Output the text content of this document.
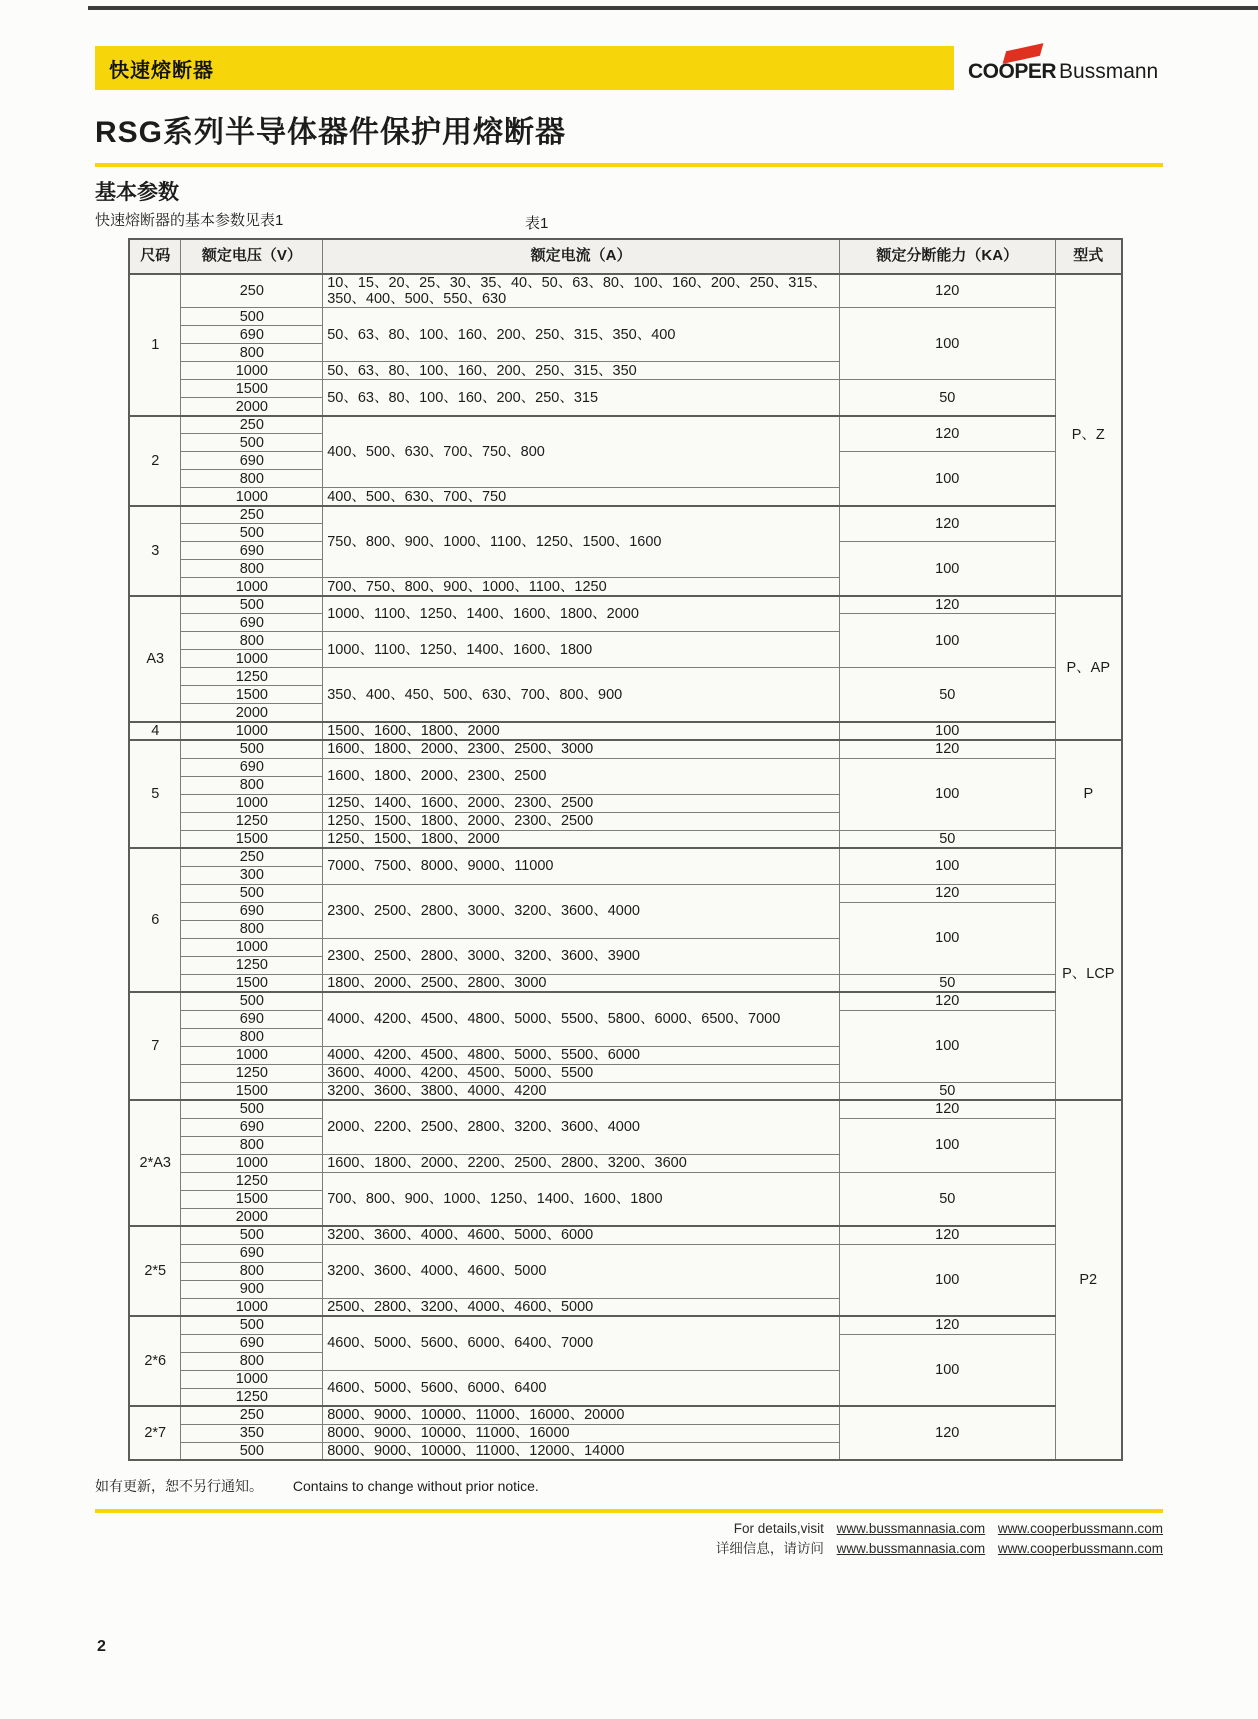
快速熔断器	COOPER Bussmann
RSG系列半导体器件保护用熔断器
基本参数
快速熔断器的基本参数见表1	表1
尺码	额定电压（V）	额定电流（A）	额定分断能力（KA）	型式
1	250	10、15、20、25、30、35、40、50、63、80、100、160、200、250、315、350、400、500、550、630	120	P、Z
	500	50、63、80、100、160、200、250、315、350、400	100	
	690			
	800			
	1000	50、63、80、100、160、200、250、315、350		
	1500	50、63、80、100、160、200、250、315	50	
	2000			
2	250	400、500、630、700、750、800	120	
	500			
	690		100	
	800			
	1000	400、500、630、700、750		
3	250	750、800、900、1000、1100、1250、1500、1600	120	
	500			
	690		100	
	800			
	1000	700、750、800、900、1000、1100、1250		
A3	500	1000、1100、1250、1400、1600、1800、2000	120	P、AP
	690		100	
	800	1000、1100、1250、1400、1600、1800		
	1000			
	1250	350、400、450、500、630、700、800、900	50	
	1500			
	2000			
4	1000	1500、1600、1800、2000	100	
5	500	1600、1800、2000、2300、2500、3000	120	P
	690	1600、1800、2000、2300、2500	100	
	800			
	1000	1250、1400、1600、2000、2300、2500		
	1250	1250、1500、1800、2000、2300、2500		
	1500	1250、1500、1800、2000	50	
6	250	7000、7500、8000、9000、11000	100	P、LCP
	300			
	500	2300、2500、2800、3000、3200、3600、4000	120	
	690		100	
	800			
	1000	2300、2500、2800、3000、3200、3600、3900		
	1250			
	1500	1800、2000、2500、2800、3000	50	
7	500	4000、4200、4500、4800、5000、5500、5800、6000、6500、7000	120	
	690		100	
	800			
	1000	4000、4200、4500、4800、5000、5500、6000		
	1250	3600、4000、4200、4500、5000、5500		
	1500	3200、3600、3800、4000、4200	50	
2*A3	500	2000、2200、2500、2800、3200、3600、4000	120	P2
	690		100	
	800			
	1000	1600、1800、2000、2200、2500、2800、3200、3600		
	1250	700、800、900、1000、1250、1400、1600、1800	50	
	1500			
	2000			
2*5	500	3200、3600、4000、4600、5000、6000	120	
	690	3200、3600、4000、4600、5000	100	
	800			
	900			
	1000	2500、2800、3200、4000、4600、5000		
2*6	500	4600、5000、5600、6000、6400、7000	120	
	690		100	
	800			
	1000	4600、5000、5600、6000、6400		
	1250			
2*7	250	8000、9000、10000、11000、16000、20000	120	
	350	8000、9000、10000、11000、16000		
	500	8000、9000、10000、11000、12000、14000		
如有更新，恕不另行通知。 Contains to change without prior notice.
For details,visit www.bussmannasia.com www.cooperbussmann.com
详细信息，请访问 www.bussmannasia.com www.cooperbussmann.com
2
